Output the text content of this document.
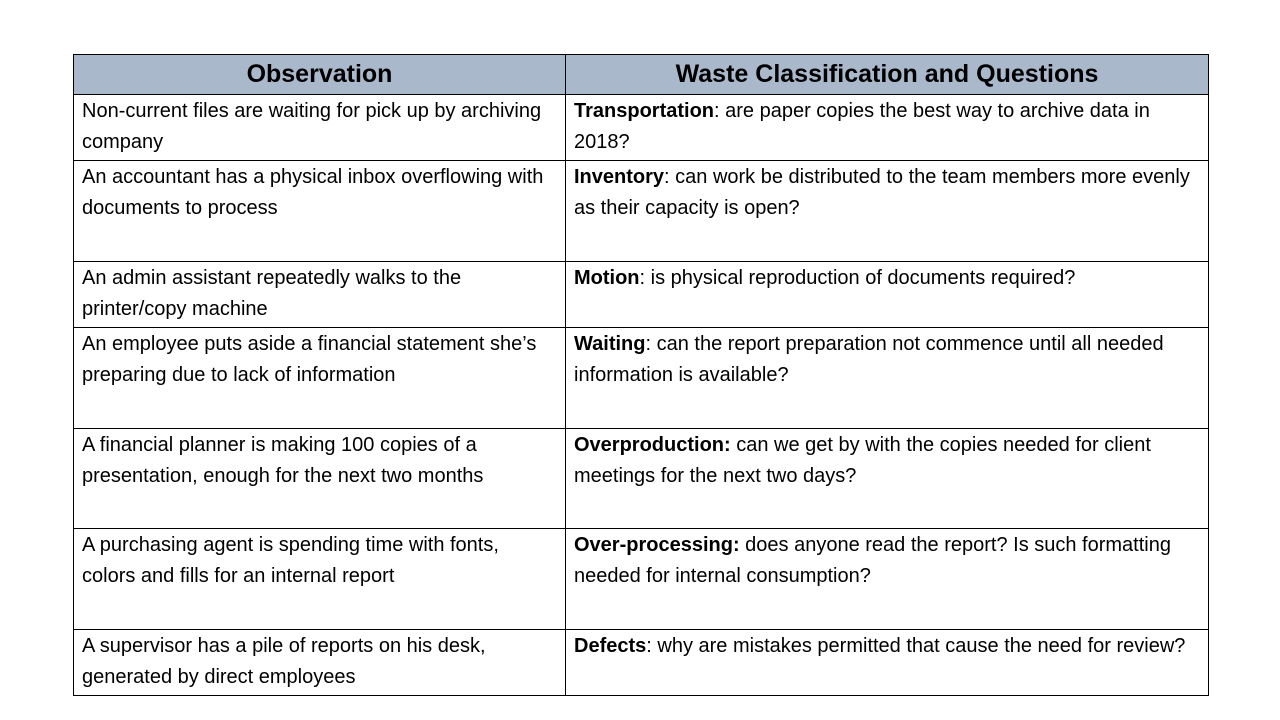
Observation	Waste Classification and Questions

Non-current files are waiting for pick up by archiving company	Transportation: are paper copies the best way to archive data in 2018?

An accountant has a physical inbox overflowing with documents to process	Inventory: can work be distributed to the team members more evenly as their capacity is open?

An admin assistant repeatedly walks to the printer/copy machine	Motion: is physical reproduction of documents required?

An employee puts aside a financial statement she’s preparing due to lack of information	Waiting: can the report preparation not commence until all needed information is available?

A financial planner is making 100 copies of a presentation, enough for the next two months	Overproduction: can we get by with the copies needed for client meetings for the next two days?

A purchasing agent is spending time with fonts, colors and fills for an internal report	Over-processing: does anyone read the report? Is such formatting needed for internal consumption?

A supervisor has a pile of reports on his desk, generated by direct employees	Defects: why are mistakes permitted that cause the need for review?
